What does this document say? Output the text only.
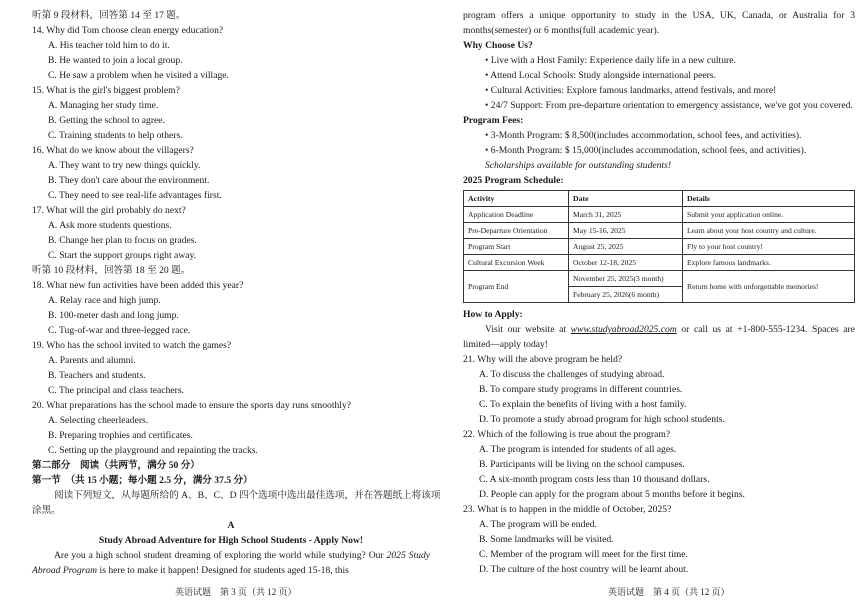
听第 9 段材料，回答第 14 至 17 题。
14. Why did Tom choose clean energy education?
A. His teacher told him to do it.
B. He wanted to join a local group.
C. He saw a problem when he visited a village.
15. What is the girl's biggest problem?
A. Managing her study time.
B. Getting the school to agree.
C. Training students to help others.
16. What do we know about the villagers?
A. They want to try new things quickly.
B. They don't care about the environment.
C. They need to see real-life advantages first.
17. What will the girl probably do next?
A. Ask more students questions.
B. Change her plan to focus on grades.
C. Start the support groups right away.
听第 10 段材料，回答第 18 至 20 题。
18. What new fun activities have been added this year?
A. Relay race and high jump.
B. 100-meter dash and long jump.
C. Tug-of-war and three-legged race.
19. Who has the school invited to watch the games?
A. Parents and alumni.
B. Teachers and students.
C. The principal and class teachers.
20. What preparations has the school made to ensure the sports day runs smoothly?
A. Selecting cheerleaders.
B. Preparing trophies and certificates.
C. Setting up the playground and repainting the tracks.
第二部分　阅读（共两节，满分 50 分）
第一节　（共 15 小题；每小题 2.5 分，满分 37.5 分）
阅读下列短文，从每题所给的 A、B、C、D 四个选项中选出最佳选项，并在答题纸上将该项
涂黑。
A
Study Abroad Adventure for High School Students - Apply Now!
Are you a high school student dreaming of exploring the world while studying? Our 2025 Study Abroad Program is here to make it happen! Designed for students aged 15-18, this
英语试题　第 3 页（共 12 页）
program offers a unique opportunity to study in the USA, UK, Canada, or Australia for 3 months(semester) or 6 months(full academic year).
Why Choose Us?
• Live with a Host Family: Experience daily life in a new culture.
• Attend Local Schools: Study alongside international peers.
• Cultural Activities: Explore famous landmarks, attend festivals, and more!
• 24/7 Support: From pre-departure orientation to emergency assistance, we've got you covered.
Program Fees:
• 3-Month Program: $ 8,500(includes accommodation, school fees, and activities).
• 6-Month Program: $ 15,000(includes accommodation, school fees, and activities).
Scholarships available for outstanding students!
2025 Program Schedule:
Activity	Date	Details
Application Deadline	March 31, 2025	Submit your application online.
Pre-Departure Orientation	May 15-16, 2025	Learn about your host country and culture.
Program Start	August 25, 2025	Fly to your host country!
Cultural Excursion Week	October 12-18, 2025	Explore famous landmarks.
Program End	November 25, 2025(3 month)	Return home with unforgettable memories!
	February 25, 2026(6 month)	
How to Apply:
Visit our website at www.studyabroad2025.com or call us at +1-800-555-1234. Spaces are limited—apply today!
21. Why will the above program be held?
A. To discuss the challenges of studying abroad.
B. To compare study programs in different countries.
C. To explain the benefits of living with a host family.
D. To promote a study abroad program for high school students.
22. Which of the following is true about the program?
A. The program is intended for students of all ages.
B. Participants will be living on the school campuses.
C. A six-month program costs less than 10 thousand dollars.
D. People can apply for the program about 5 months before it begins.
23. What is to happen in the middle of October, 2025?
A. The program will be ended.
B. Some landmarks will be visited.
C. Member of the program will meet for the first time.
D. The culture of the host country will be learnt about.
英语试题　第 4 页（共 12 页）
